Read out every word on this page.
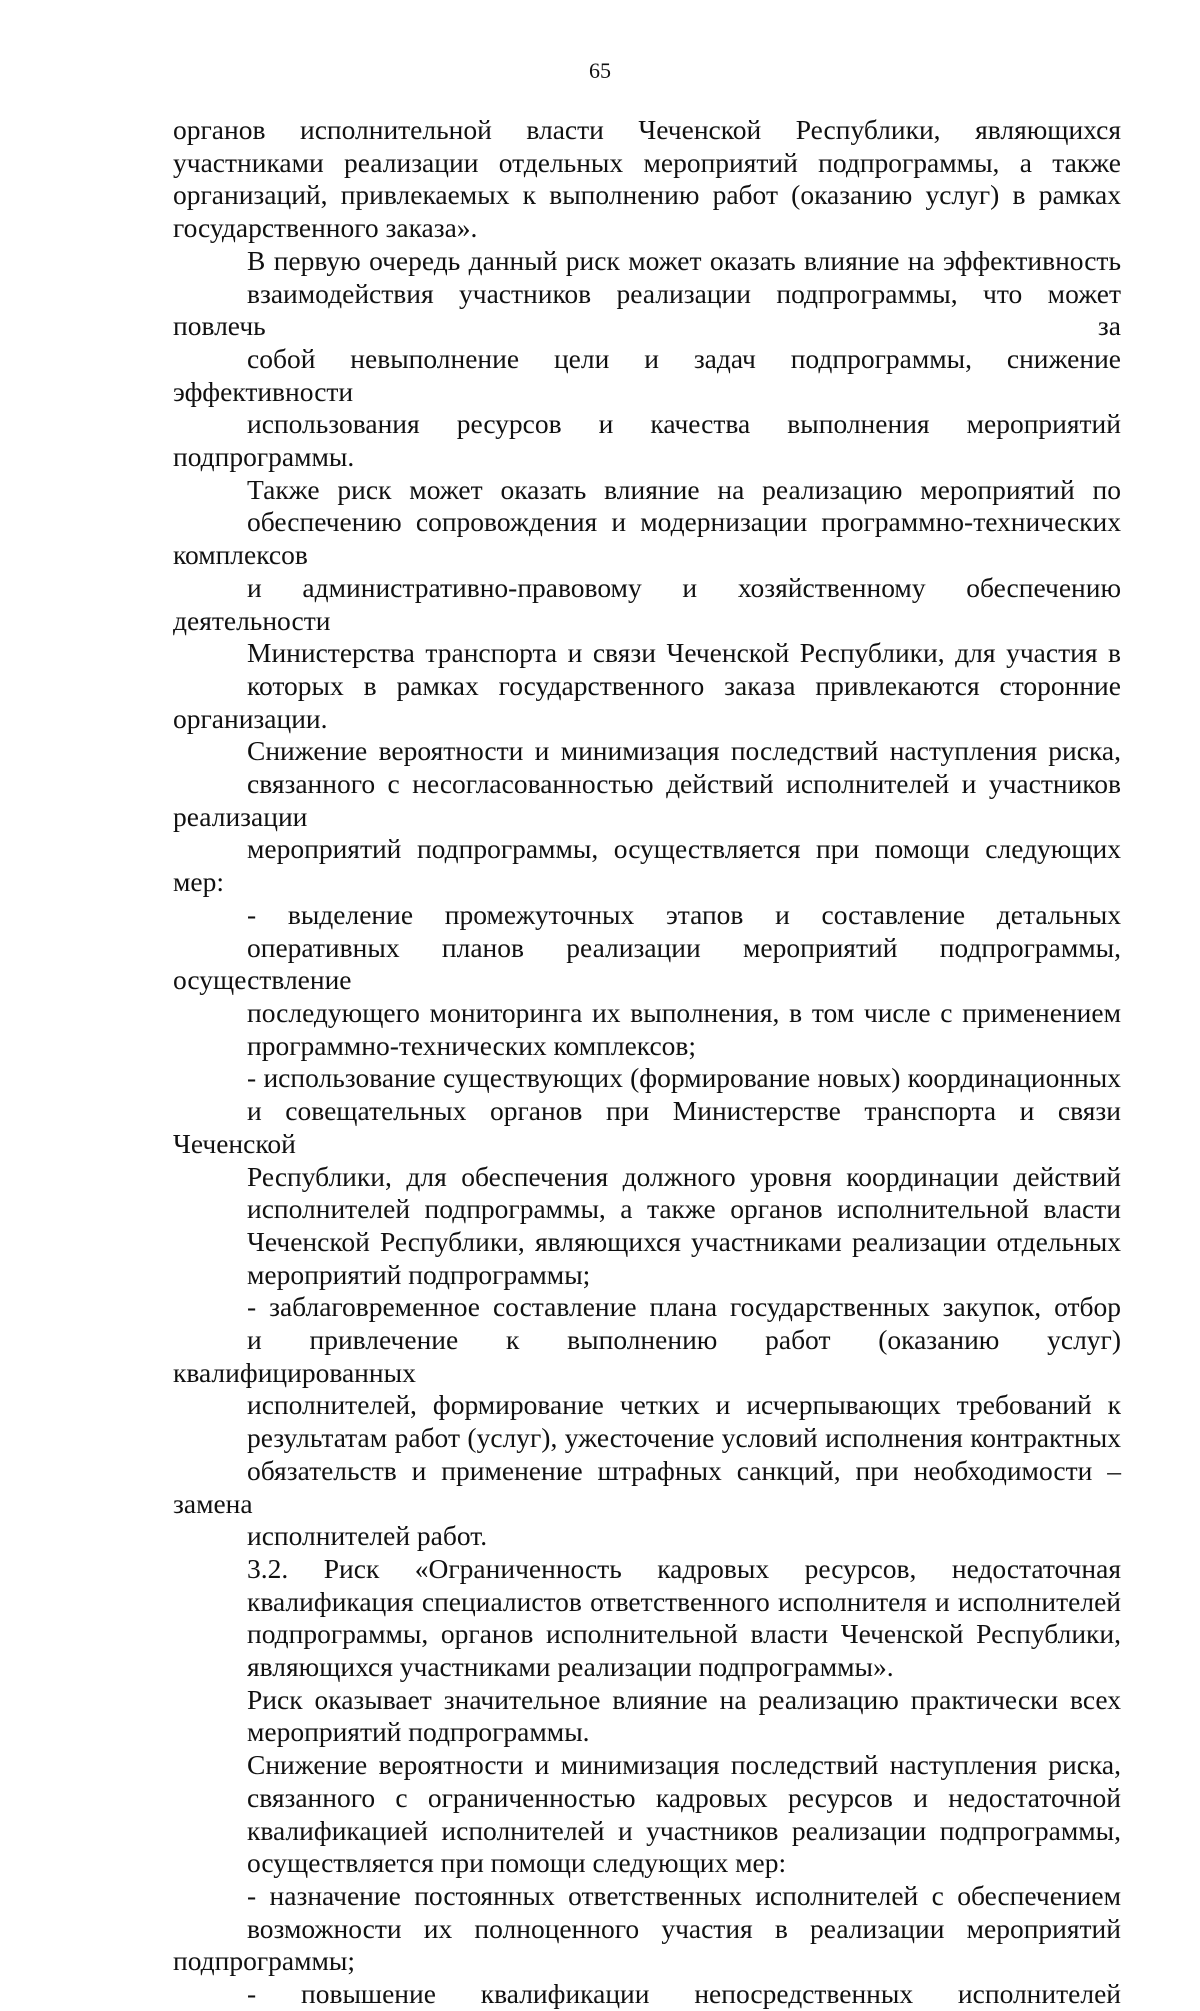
65

органов исполнительной власти Чеченской Республики, являющихся
участниками реализации отдельных мероприятий подпрограммы, а также
организаций, привлекаемых к выполнению работ (оказанию услуг) в рамках
государственного заказа».

В первую очередь данный риск может оказать влияние на эффективность
взаимодействия участников реализации подпрограммы, что может повлечь за
собой невыполнение цели и задач подпрограммы, снижение эффективности
использования ресурсов и качества выполнения мероприятий подпрограммы.

Также риск может оказать влияние на реализацию мероприятий по
обеспечению сопровождения и модернизации программно-технических комплексов
и административно-правовому и хозяйственному обеспечению деятельности
Министерства транспорта и связи Чеченской Республики, для участия в
которых в рамках государственного заказа привлекаются сторонние организации.

Снижение вероятности и минимизация последствий наступления риска,
связанного с несогласованностью действий исполнителей и участников реализации
мероприятий подпрограммы, осуществляется при помощи следующих мер:

- выделение промежуточных этапов и составление детальных
оперативных планов реализации мероприятий подпрограммы, осуществление
последующего мониторинга их выполнения, в том числе с применением
программно-технических комплексов;

- использование существующих (формирование новых) координационных
и совещательных органов при Министерстве транспорта и связи Чеченской
Республики, для обеспечения должного уровня координации действий
исполнителей подпрограммы, а также органов исполнительной власти
Чеченской Республики, являющихся участниками реализации отдельных
мероприятий подпрограммы;

- заблаговременное составление плана государственных закупок, отбор
и привлечение к выполнению работ (оказанию услуг) квалифицированных
исполнителей, формирование четких и исчерпывающих требований к
результатам работ (услуг), ужесточение условий исполнения контрактных
обязательств и применение штрафных санкций, при необходимости – замена
исполнителей работ.

3.2. Риск «Ограниченность кадровых ресурсов, недостаточная
квалификация специалистов ответственного исполнителя и исполнителей
подпрограммы, органов исполнительной власти Чеченской Республики,
являющихся участниками реализации подпрограммы».

Риск оказывает значительное влияние на реализацию практически всех
мероприятий подпрограммы.

Снижение вероятности и минимизация последствий наступления риска,
связанного с ограниченностью кадровых ресурсов и недостаточной
квалификацией исполнителей и участников реализации подпрограммы,
осуществляется при помощи следующих мер:

- назначение постоянных ответственных исполнителей с обеспечением
возможности их полноценного участия в реализации мероприятий подпрограммы;

- повышение квалификации непосредственных исполнителей
